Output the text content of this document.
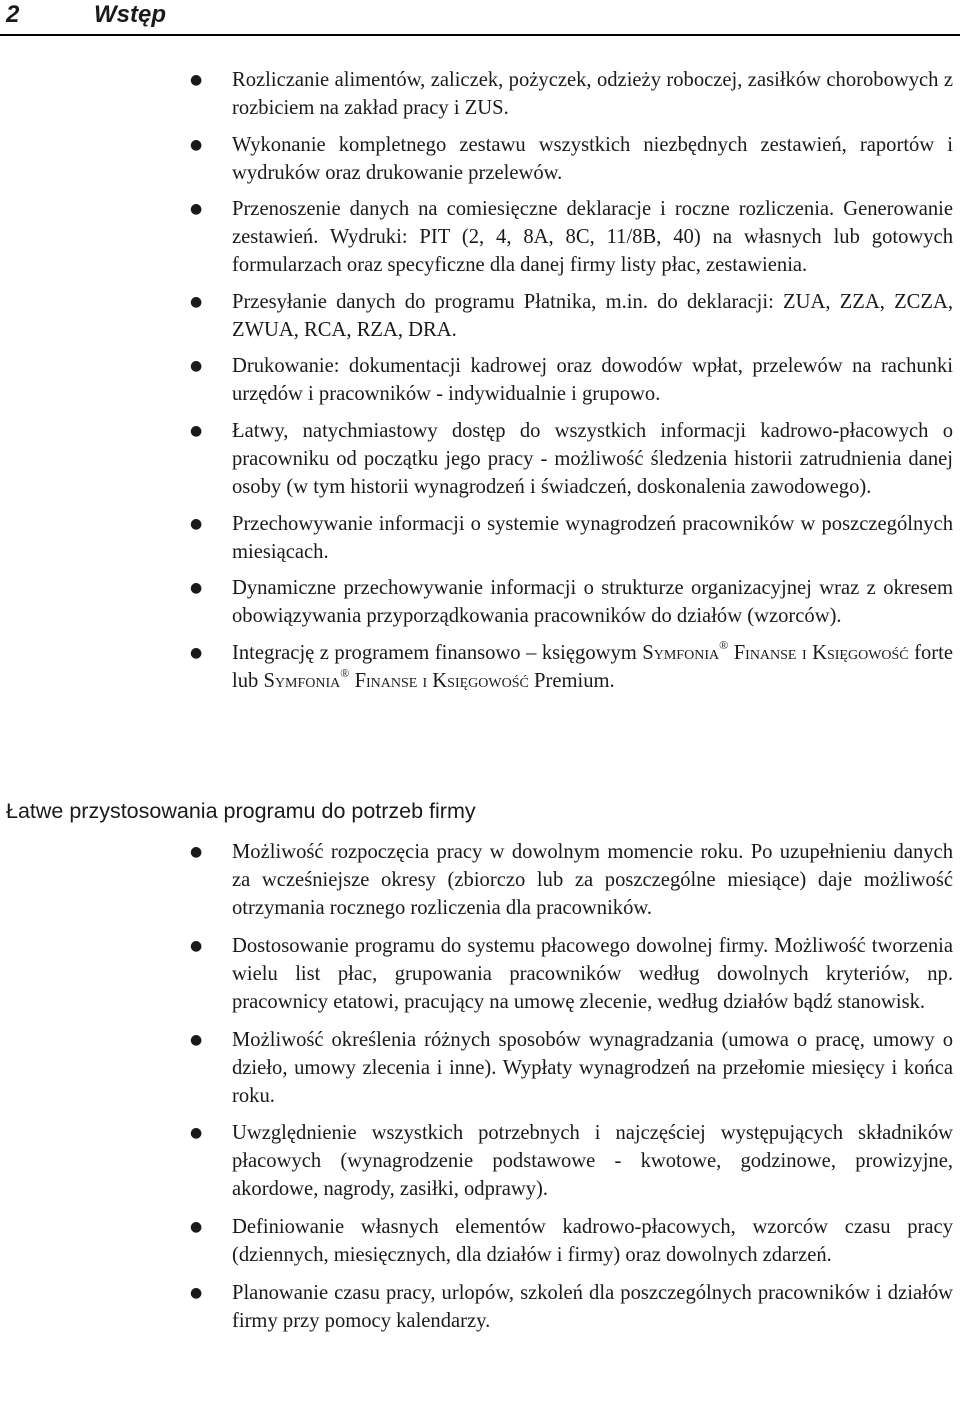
2	Wstęp
● Rozliczanie alimentów, zaliczek, pożyczek, odzieży roboczej, zasiłków chorobowych z rozbiciem na zakład pracy i ZUS.
● Wykonanie kompletnego zestawu wszystkich niezbędnych zestawień, raportów i wydruków oraz drukowanie przelewów.
● Przenoszenie danych na comiesięczne deklaracje i roczne rozliczenia. Generowanie zestawień. Wydruki: PIT (2, 4, 8A, 8C, 11/8B, 40) na własnych lub gotowych formularzach oraz specyficzne dla danej firmy listy płac, zestawienia.
● Przesyłanie danych do programu Płatnika, m.in. do deklaracji: ZUA, ZZA, ZCZA, ZWUA, RCA, RZA, DRA.
● Drukowanie: dokumentacji kadrowej oraz dowodów wpłat, przelewów na rachunki urzędów i pracowników - indywidualnie i grupowo.
● Łatwy, natychmiastowy dostęp do wszystkich informacji kadrowo-płacowych o pracowniku od początku jego pracy - możliwość śledzenia historii zatrudnienia danej osoby (w tym historii wynagrodzeń i świadczeń, doskonalenia zawodowego).
● Przechowywanie informacji o systemie wynagrodzeń pracowników w poszczególnych miesiącach.
● Dynamiczne przechowywanie informacji o strukturze organizacyjnej wraz z okresem obowiązywania przyporządkowania pracowników do działów (wzorców).
● Integrację z programem finansowo – księgowym Symfonia® Finanse i Księgowość forte lub Symfonia® Finanse i Księgowość Premium.
Łatwe przystosowania programu do potrzeb firmy
● Możliwość rozpoczęcia pracy w dowolnym momencie roku. Po uzupełnieniu danych za wcześniejsze okresy (zbiorczo lub za poszczególne miesiące) daje możliwość otrzymania rocznego rozliczenia dla pracowników.
● Dostosowanie programu do systemu płacowego dowolnej firmy. Możliwość tworzenia wielu list płac, grupowania pracowników według dowolnych kryteriów, np. pracownicy etatowi, pracujący na umowę zlecenie, według działów bądź stanowisk.
● Możliwość określenia różnych sposobów wynagradzania (umowa o pracę, umowy o dzieło, umowy zlecenia i inne). Wypłaty wynagrodzeń na przełomie miesięcy i końca roku.
● Uwzględnienie wszystkich potrzebnych i najczęściej występujących składników płacowych (wynagrodzenie podstawowe - kwotowe, godzinowe, prowizyjne, akordowe, nagrody, zasiłki, odprawy).
● Definiowanie własnych elementów kadrowo-płacowych, wzorców czasu pracy (dziennych, miesięcznych, dla działów i firmy) oraz dowolnych zdarzeń.
● Planowanie czasu pracy, urlopów, szkoleń dla poszczególnych pracowników i działów firmy przy pomocy kalendarzy.
